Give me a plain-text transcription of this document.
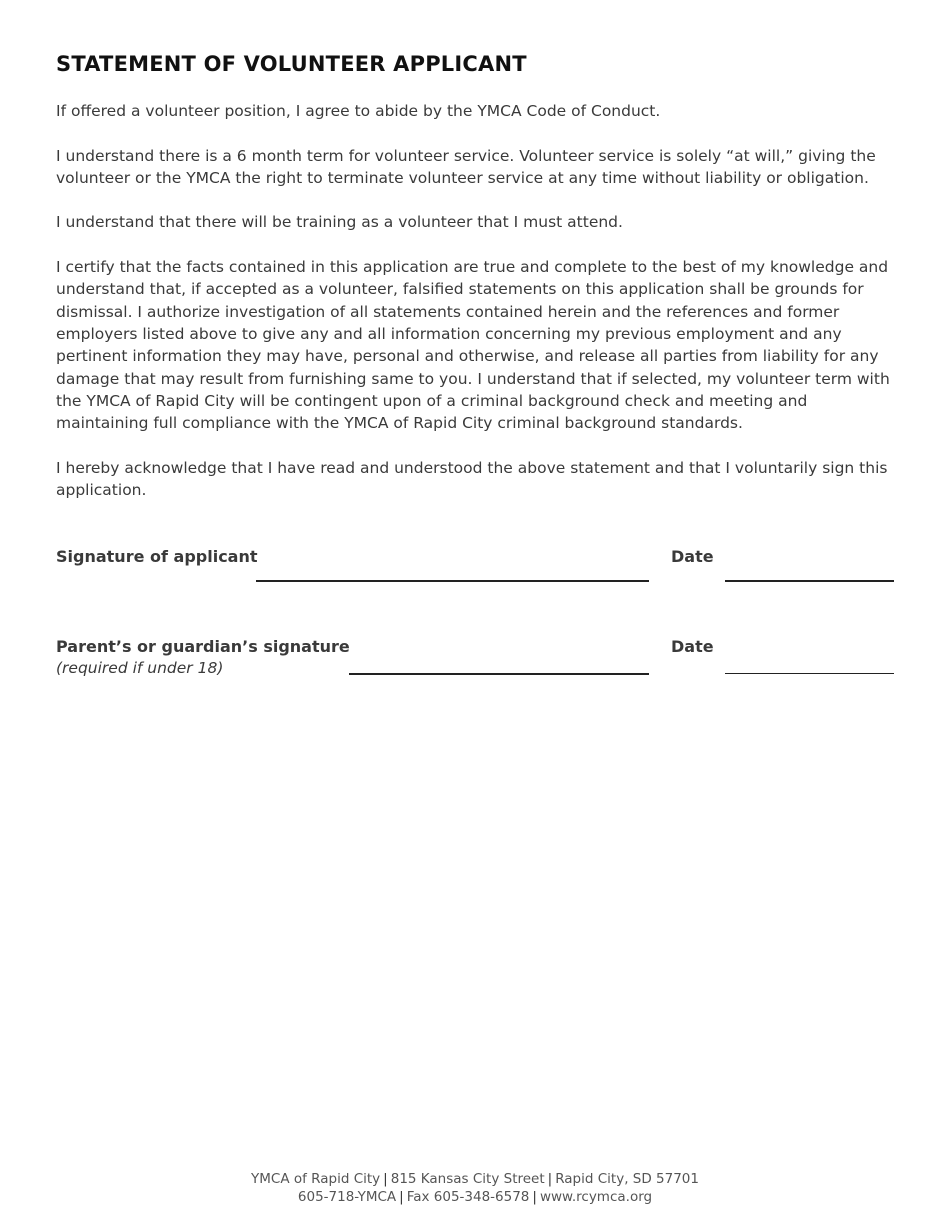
STATEMENT OF VOLUNTEER APPLICANT

If offered a volunteer position, I agree to abide by the YMCA Code of Conduct.

I understand there is a 6 month term for volunteer service. Volunteer service is solely “at will,” giving the volunteer or the YMCA the right to terminate volunteer service at any time without liability or obligation.

I understand that there will be training as a volunteer that I must attend.

I certify that the facts contained in this application are true and complete to the best of my knowledge and understand that, if accepted as a volunteer, falsified statements on this application shall be grounds for dismissal. I authorize investigation of all statements contained herein and the references and former employers listed above to give any and all information concerning my previous employment and any pertinent information they may have, personal and otherwise, and release all parties from liability for any damage that may result from furnishing same to you. I understand that if selected, my volunteer term with the YMCA of Rapid City will be contingent upon of a criminal background check and meeting and maintaining full compliance with the YMCA of Rapid City criminal background standards.

I hereby acknowledge that I have read and understood the above statement and that I voluntarily sign this application.

Signature of applicant	Date
Parent’s or guardian’s signature
(required if under 18)
Date
YMCA of Rapid City | 815 Kansas City Street | Rapid City, SD 57701
605-718-YMCA | Fax 605-348-6578 | www.rcymca.org
